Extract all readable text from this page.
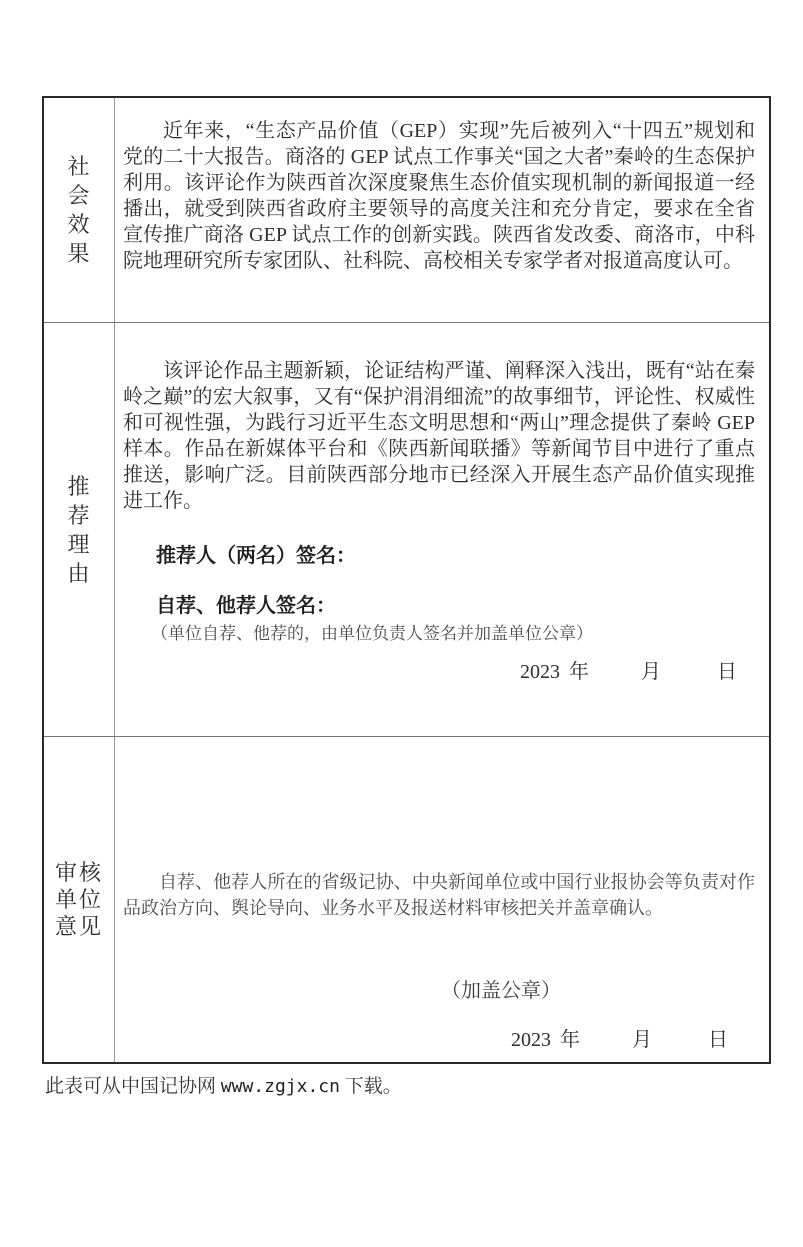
社
会
效
果

近年来，“生态产品价值（GEP）实现”先后被列入“十四五”规划和党的二十大报告。商洛的 GEP 试点工作事关“国之大者”秦岭的生态保护利用。该评论作为陕西首次深度聚焦生态价值实现机制的新闻报道一经播出，就受到陕西省政府主要领导的高度关注和充分肯定，要求在全省宣传推广商洛 GEP 试点工作的创新实践。陕西省发改委、商洛市，中科院地理研究所专家团队、社科院、高校相关专家学者对报道高度认可。

推
荐
理
由

该评论作品主题新颖，论证结构严谨、阐释深入浅出，既有“站在秦岭之巅”的宏大叙事，又有“保护涓涓细流”的故事细节，评论性、权威性和可视性强，为践行习近平生态文明思想和“两山”理念提供了秦岭 GEP 样本。作品在新媒体平台和《陕西新闻联播》等新闻节目中进行了重点推送，影响广泛。目前陕西部分地市已经深入开展生态产品价值实现推进工作。

推荐人（两名）签名：
自荐、他荐人签名：
（单位自荐、他荐的，由单位负责人签名并加盖单位公章）
2023 年	月	日
审核
单位
意见

自荐、他荐人所在的省级记协、中央新闻单位或中国行业报协会等负责对作品政治方向、舆论导向、业务水平及报送材料审核把关并盖章确认。

（加盖公章）
2023 年	月	日
此表可从中国记协网 www.zgjx.cn 下载。
